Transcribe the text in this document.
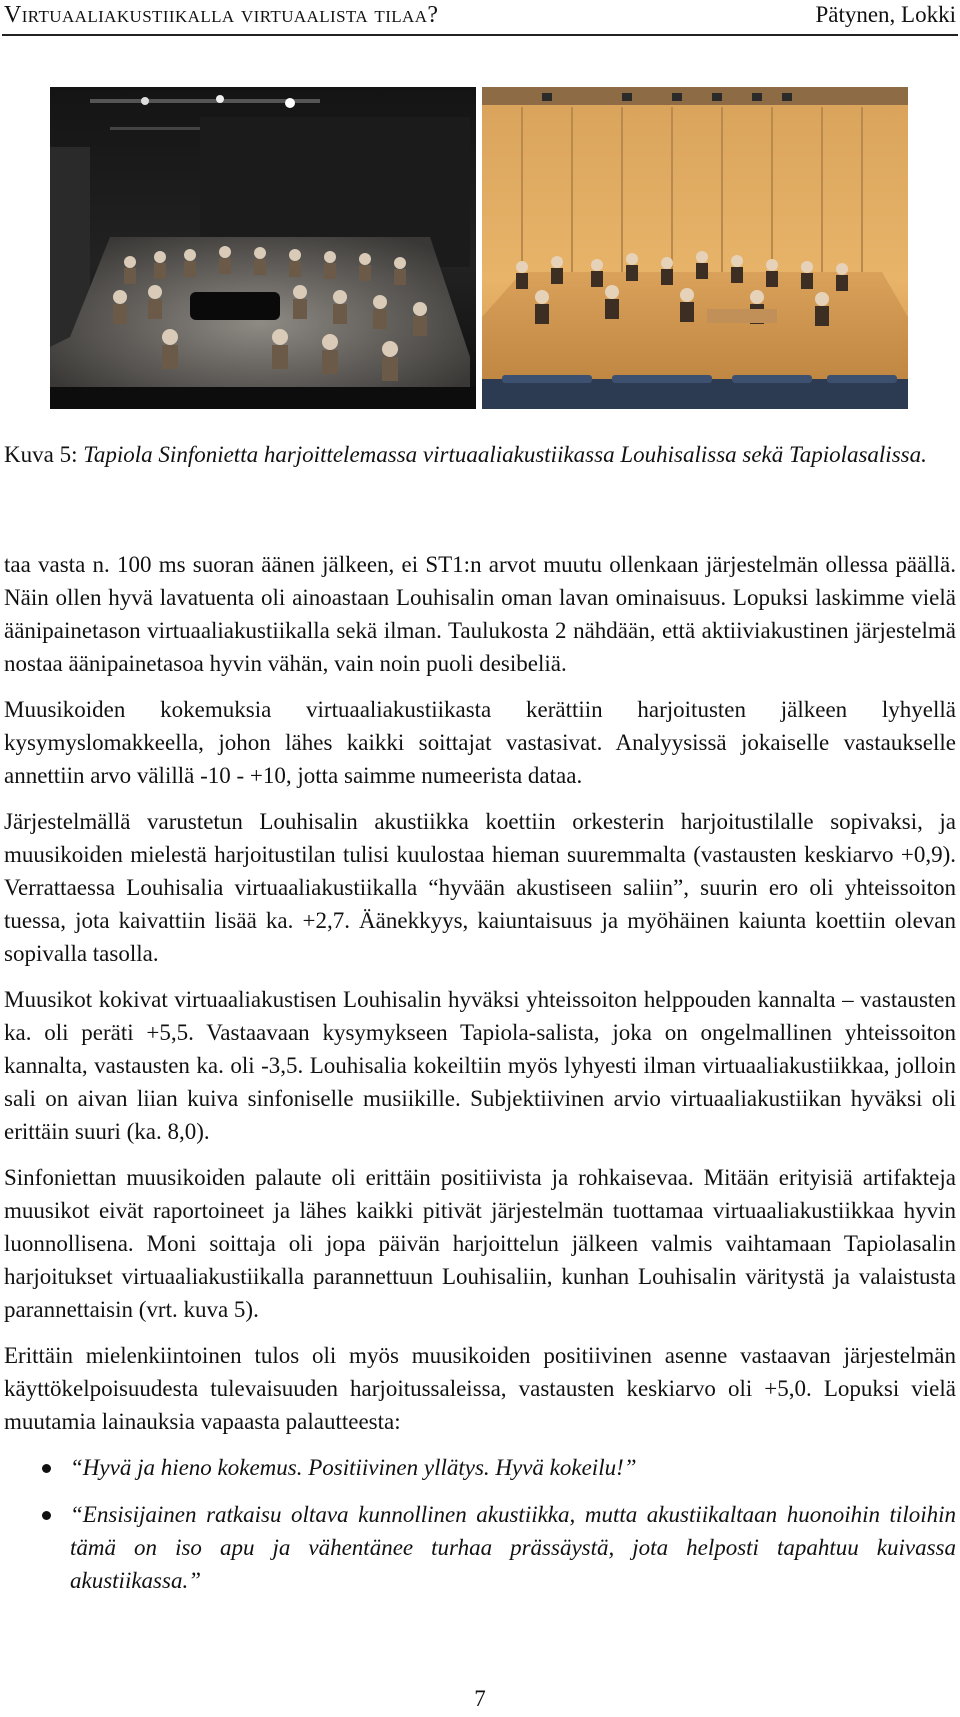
Virtuaaliakustiikalla virtuaalista tilaa?	Pätynen, Lokki
Kuva 5: Tapiola Sinfonietta harjoittelemassa virtuaaliakustiikassa Louhisalissa sekä Tapiolasalissa.

taa vasta n. 100 ms suoran äänen jälkeen, ei ST1:n arvot muutu ollenkaan järjestelmän ollessa päällä. Näin ollen hyvä lavatuenta oli ainoastaan Louhisalin oman lavan ominaisuus. Lopuksi laskimme vielä äänipainetason virtuaaliakustiikalla sekä ilman. Taulukosta 2 nähdään, että aktiiviakustinen järjestelmä nostaa äänipainetasoa hyvin vähän, vain noin puoli desibeliä.

Muusikoiden kokemuksia virtuaaliakustiikasta kerättiin harjoitusten jälkeen lyhyellä kysymyslomakkeella, johon lähes kaikki soittajat vastasivat. Analyysissä jokaiselle vastaukselle annettiin arvo välillä -10 - +10, jotta saimme numeerista dataa.

Järjestelmällä varustetun Louhisalin akustiikka koettiin orkesterin harjoitustilalle sopivaksi, ja muusikoiden mielestä harjoitustilan tulisi kuulostaa hieman suuremmalta (vastausten keskiarvo +0,9). Verrattaessa Louhisalia virtuaaliakustiikalla “hyvään akustiseen saliin”, suurin ero oli yhteissoiton tuessa, jota kaivattiin lisää ka. +2,7. Äänekkyys, kaiuntaisuus ja myöhäinen kaiunta koettiin olevan sopivalla tasolla.

Muusikot kokivat virtuaaliakustisen Louhisalin hyväksi yhteissoiton helppouden kannalta – vastausten ka. oli peräti +5,5. Vastaavaan kysymykseen Tapiola-salista, joka on ongelmallinen yhteissoiton kannalta, vastausten ka. oli -3,5. Louhisalia kokeiltiin myös lyhyesti ilman virtuaaliakustiikkaa, jolloin sali on aivan liian kuiva sinfoniselle musiikille. Subjektiivinen arvio virtuaaliakustiikan hyväksi oli erittäin suuri (ka. 8,0).

Sinfoniettan muusikoiden palaute oli erittäin positiivista ja rohkaisevaa. Mitään erityisiä artifakteja muusikot eivät raportoineet ja lähes kaikki pitivät järjestelmän tuottamaa virtuaaliakustiikkaa hyvin luonnollisena. Moni soittaja oli jopa päivän harjoittelun jälkeen valmis vaihtamaan Tapiolasalin harjoitukset virtuaaliakustiikalla parannettuun Louhisaliin, kunhan Louhisalin väritystä ja valaistusta parannettaisin (vrt. kuva 5).

Erittäin mielenkiintoinen tulos oli myös muusikoiden positiivinen asenne vastaavan järjestelmän käyttökelpoisuudesta tulevaisuuden harjoitussaleissa, vastausten keskiarvo oli +5,0. Lopuksi vielä muutamia lainauksia vapaasta palautteesta:

“Hyvä ja hieno kokemus. Positiivinen yllätys. Hyvä kokeilu!”
“Ensisijainen ratkaisu oltava kunnollinen akustiikka, mutta akustiikaltaan huonoihin tiloihin tämä on iso apu ja vähentänee turhaa prässäystä, jota helposti tapahtuu kuivassa akustiikassa.”
7
